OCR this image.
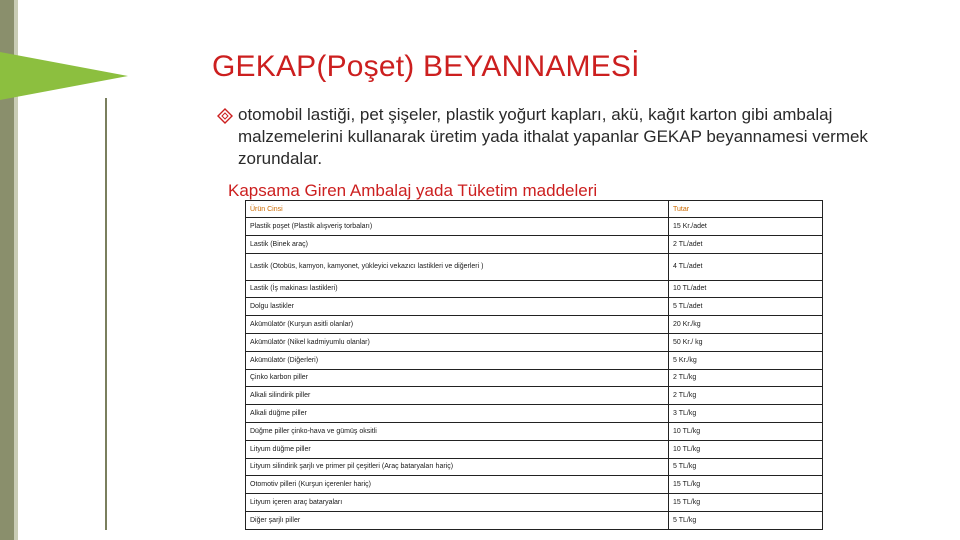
GEKAP(Poşet) BEYANNAMESİ
otomobil lastiği, pet şişeler, plastik yoğurt kapları, akü, kağıt karton gibi ambalaj malzemelerini kullanarak üretim yada ithalat yapanlar GEKAP beyannamesi vermek zorundalar.
Kapsama Giren Ambalaj yada Tüketim maddeleri
Ürün Cinsi	Tutar
Plastik poşet (Plastik alışveriş torbaları)	15 Kr./adet
Lastik (Binek araç)	2 TL/adet
Lastik (Otobüs, kamyon, kamyonet, yükleyici vekazıcı lastikleri ve diğerleri )	4 TL/adet
Lastik (İş makinası lastikleri)	10 TL/adet
Dolgu lastikler	5 TL/adet
Akümülatör (Kurşun asitli olanlar)	20 Kr./kg
Akümülatör (Nikel kadmiyumlu olanlar)	50 Kr./ kg
Akümülatör (Diğerleri)	5 Kr./kg
Çinko karbon piller	2 TL/kg
Alkali silindirik piller	2 TL/kg
Alkali düğme piller	3 TL/kg
Düğme piller çinko-hava ve gümüş oksitli	10 TL/kg
Lityum düğme piller	10 TL/kg
Lityum silindirik şarjlı ve primer pil çeşitleri (Araç bataryaları hariç)	5 TL/kg
Otomotiv pilleri (Kurşun içerenler hariç)	15 TL/kg
Lityum içeren araç bataryaları	15 TL/kg
Diğer şarjlı piller	5 TL/kg
